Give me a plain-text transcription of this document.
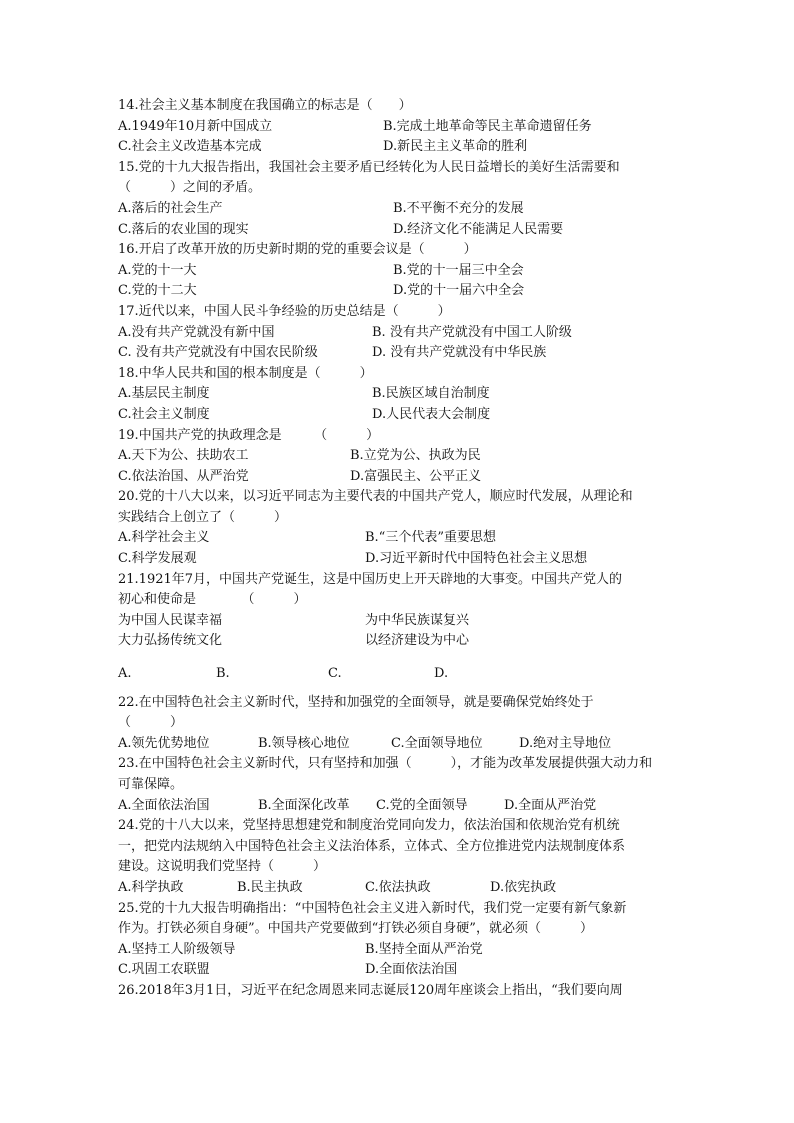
14.社会主义基本制度在我国确立的标志是（　　）
A.1949年10月新中国成立	B.完成土地革命等民主革命遗留任务
C.社会主义改造基本完成	D.新民主主义革命的胜利
15.党的十九大报告指出，我国社会主要矛盾已经转化为人民日益增长的美好生活需要和
（　　　）之间的矛盾。
A.落后的社会生产	B.不平衡不充分的发展
C.落后的农业国的现实	D.经济文化不能满足人民需要
16.开启了改革开放的历史新时期的党的重要会议是（　　　）
A.党的十一大	B.党的十一届三中全会
C.党的十二大	D.党的十一届六中全会
17.近代以来，中国人民斗争经验的历史总结是（　　　）
A.没有共产党就没有新中国	B. 没有共产党就没有中国工人阶级
C. 没有共产党就没有中国农民阶级	D. 没有共产党就没有中华民族
18.中华人民共和国的根本制度是（　　　）
A.基层民主制度	B.民族区域自治制度
C.社会主义制度	D.人民代表大会制度
19.中国共产党的执政理念是　　　（　　　）
A.天下为公、扶助农工	B.立党为公、执政为民
C.依法治国、从严治党	D.富强民主、公平正义
20.党的十八大以来，以习近平同志为主要代表的中国共产党人，顺应时代发展，从理论和
实践结合上创立了（　　　）
A.科学社会主义	B.“三个代表”重要思想
C.科学发展观	D.习近平新时代中国特色社会主义思想
21.1921年7月，中国共产党诞生，这是中国历史上开天辟地的大事变。中国共产党人的
初心和使命是　　　　（　　　）
为中国人民谋幸福	为中华民族谋复兴
大力弘扬传统文化	以经济建设为中心
A.	B.	C.	D.
22.在中国特色社会主义新时代，坚持和加强党的全面领导，就是要确保党始终处于
（　　　）
A.领先优势地位	B.领导核心地位	C.全面领导地位	D.绝对主导地位
23.在中国特色社会主义新时代，只有坚持和加强（　　　），才能为改革发展提供强大动力和
可靠保障。
A.全面依法治国	B.全面深化改革 C.党的全面领导	D.全面从严治党
24.党的十八大以来，党坚持思想建党和制度治党同向发力，依法治国和依规治党有机统
一，把党内法规纳入中国特色社会主义法治体系，立体式、全方位推进党内法规制度体系
建设。这说明我们党坚持（　　　）
A.科学执政	B.民主执政	C.依法执政	D.依宪执政
25.党的十九大报告明确指出：“中国特色社会主义进入新时代，我们党一定要有新气象新
作为。打铁必须自身硬”。中国共产党要做到“打铁必须自身硬”，就必须（　　　）
A.坚持工人阶级领导	B.坚持全面从严治党
C.巩固工农联盟	D.全面依法治国
26.2018年3月1日，习近平在纪念周恩来同志诞辰120周年座谈会上指出，“我们要向周
